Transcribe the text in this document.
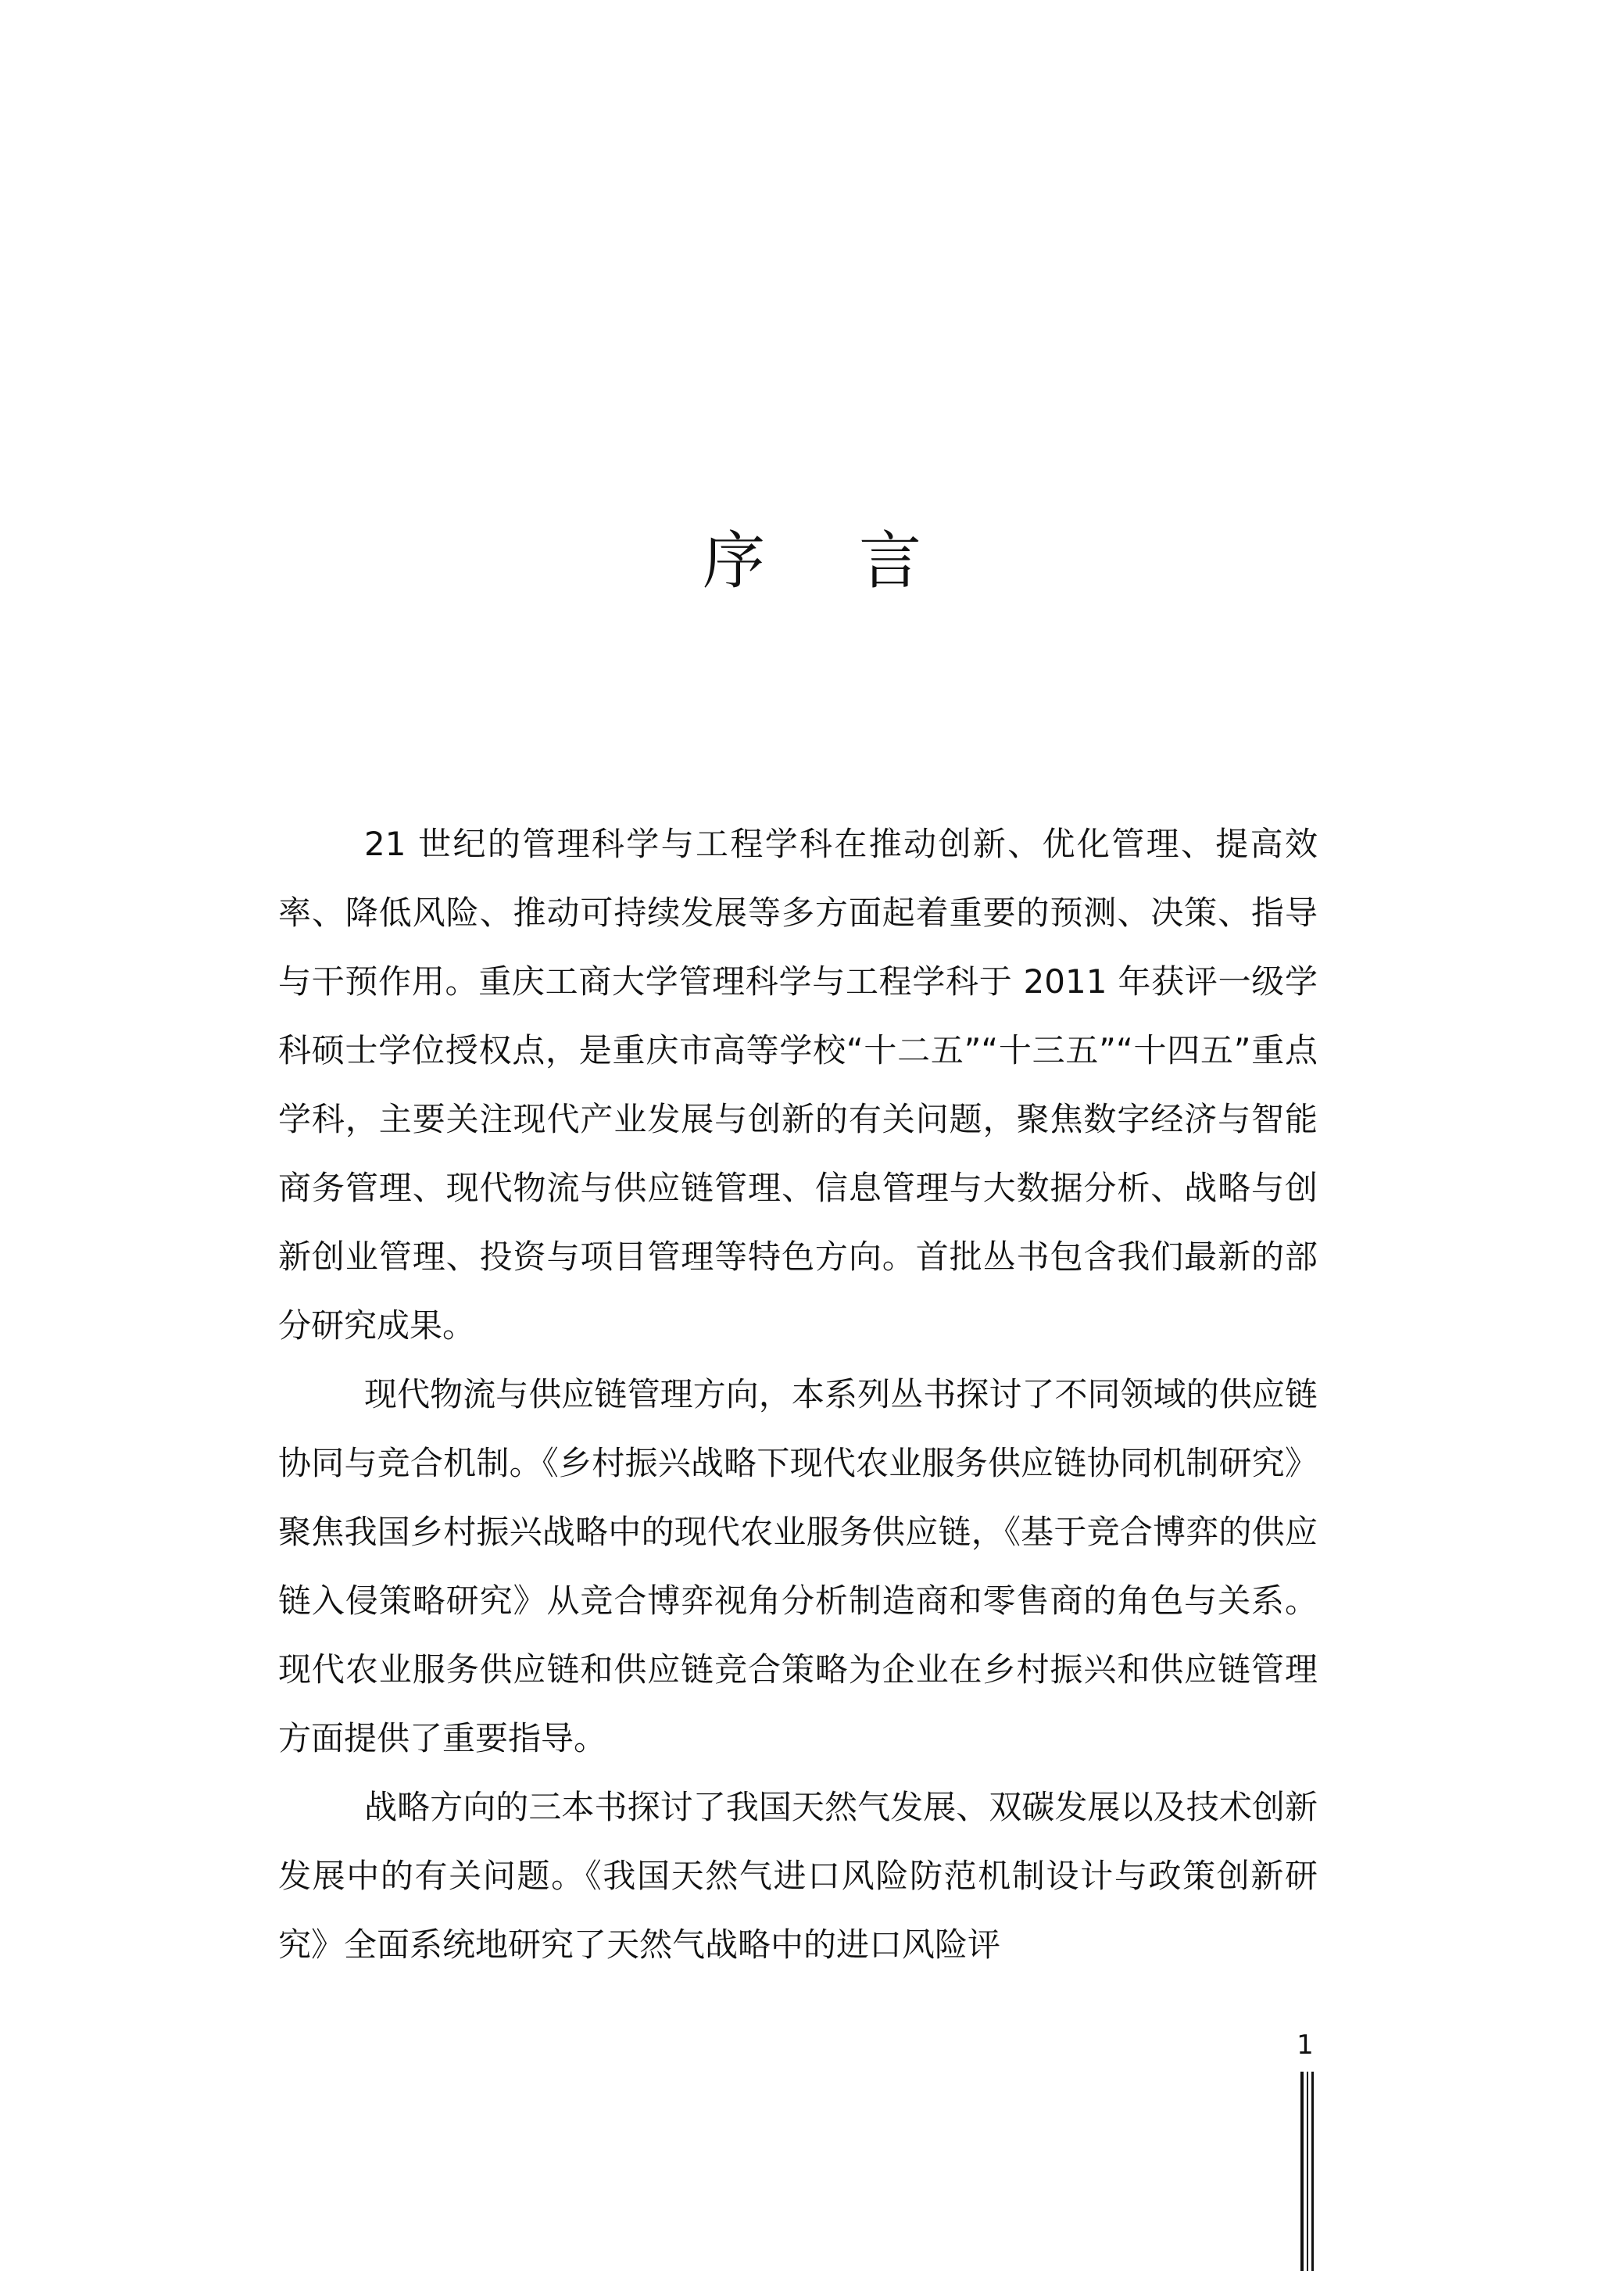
序言

21 世纪的管理科学与工程学科在推动创新、优化管理、提高效率、降低风险、推动可持续发展等多方面起着重要的预测、决策、指导与干预作用。重庆工商大学管理科学与工程学科于 2011 年获评一级学科硕士学位授权点，是重庆市高等学校“十二五”“十三五”“十四五”重点学科，主要关注现代产业发展与创新的有关问题，聚焦数字经济与智能商务管理、现代物流与供应链管理、信息管理与大数据分析、战略与创新创业管理、投资与项目管理等特色方向。首批丛书包含我们最新的部分研究成果。

现代物流与供应链管理方向，本系列丛书探讨了不同领域的供应链协同与竞合机制。《乡村振兴战略下现代农业服务供应链协同机制研究》聚焦我国乡村振兴战略中的现代农业服务供应链，《基于竞合博弈的供应链入侵策略研究》从竞合博弈视角分析制造商和零售商的角色与关系。现代农业服务供应链和供应链竞合策略为企业在乡村振兴和供应链管理方面提供了重要指导。

战略方向的三本书探讨了我国天然气发展、双碳发展以及技术创新发展中的有关问题。《我国天然气进口风险防范机制设计与政策创新研究》全面系统地研究了天然气战略中的进口风险评

1
